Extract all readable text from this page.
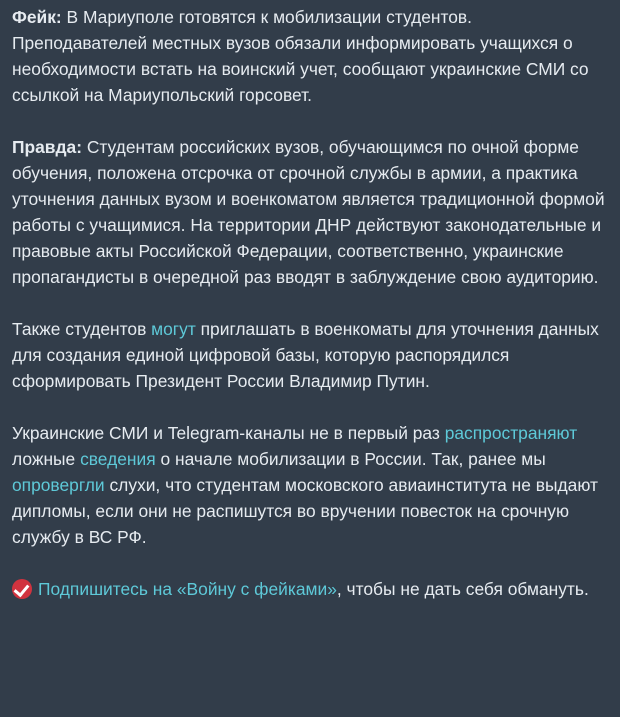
Фейк: В Мариуполе готовятся к мобилизации студентов. Преподавателей местных вузов обязали информировать учащихся о необходимости встать на воинский учет, сообщают украинские СМИ со ссылкой на Мариупольский горсовет.

Правда: Студентам российских вузов, обучающимся по очной форме обучения, положена отсрочка от срочной службы в армии, а практика уточнения данных вузом и военкоматом является традиционной формой работы с учащимися. На территории ДНР действуют законодательные и правовые акты Российской Федерации, соответственно, украинские пропагандисты в очередной раз вводят в заблуждение свою аудиторию.

Также студентов могут приглашать в военкоматы для уточнения данных для создания единой цифровой базы, которую распорядился сформировать Президент России Владимир Путин.

Украинские СМИ и Telegram-каналы не в первый раз распространяют ложные сведения о начале мобилизации в России. Так, ранее мы опровергли слухи, что студентам московского авиаинститута не выдают дипломы, если они не распишутся во вручении повесток на срочную службу в ВС РФ.

Подпишитесь на «Войну с фейками», чтобы не дать себя обмануть.
